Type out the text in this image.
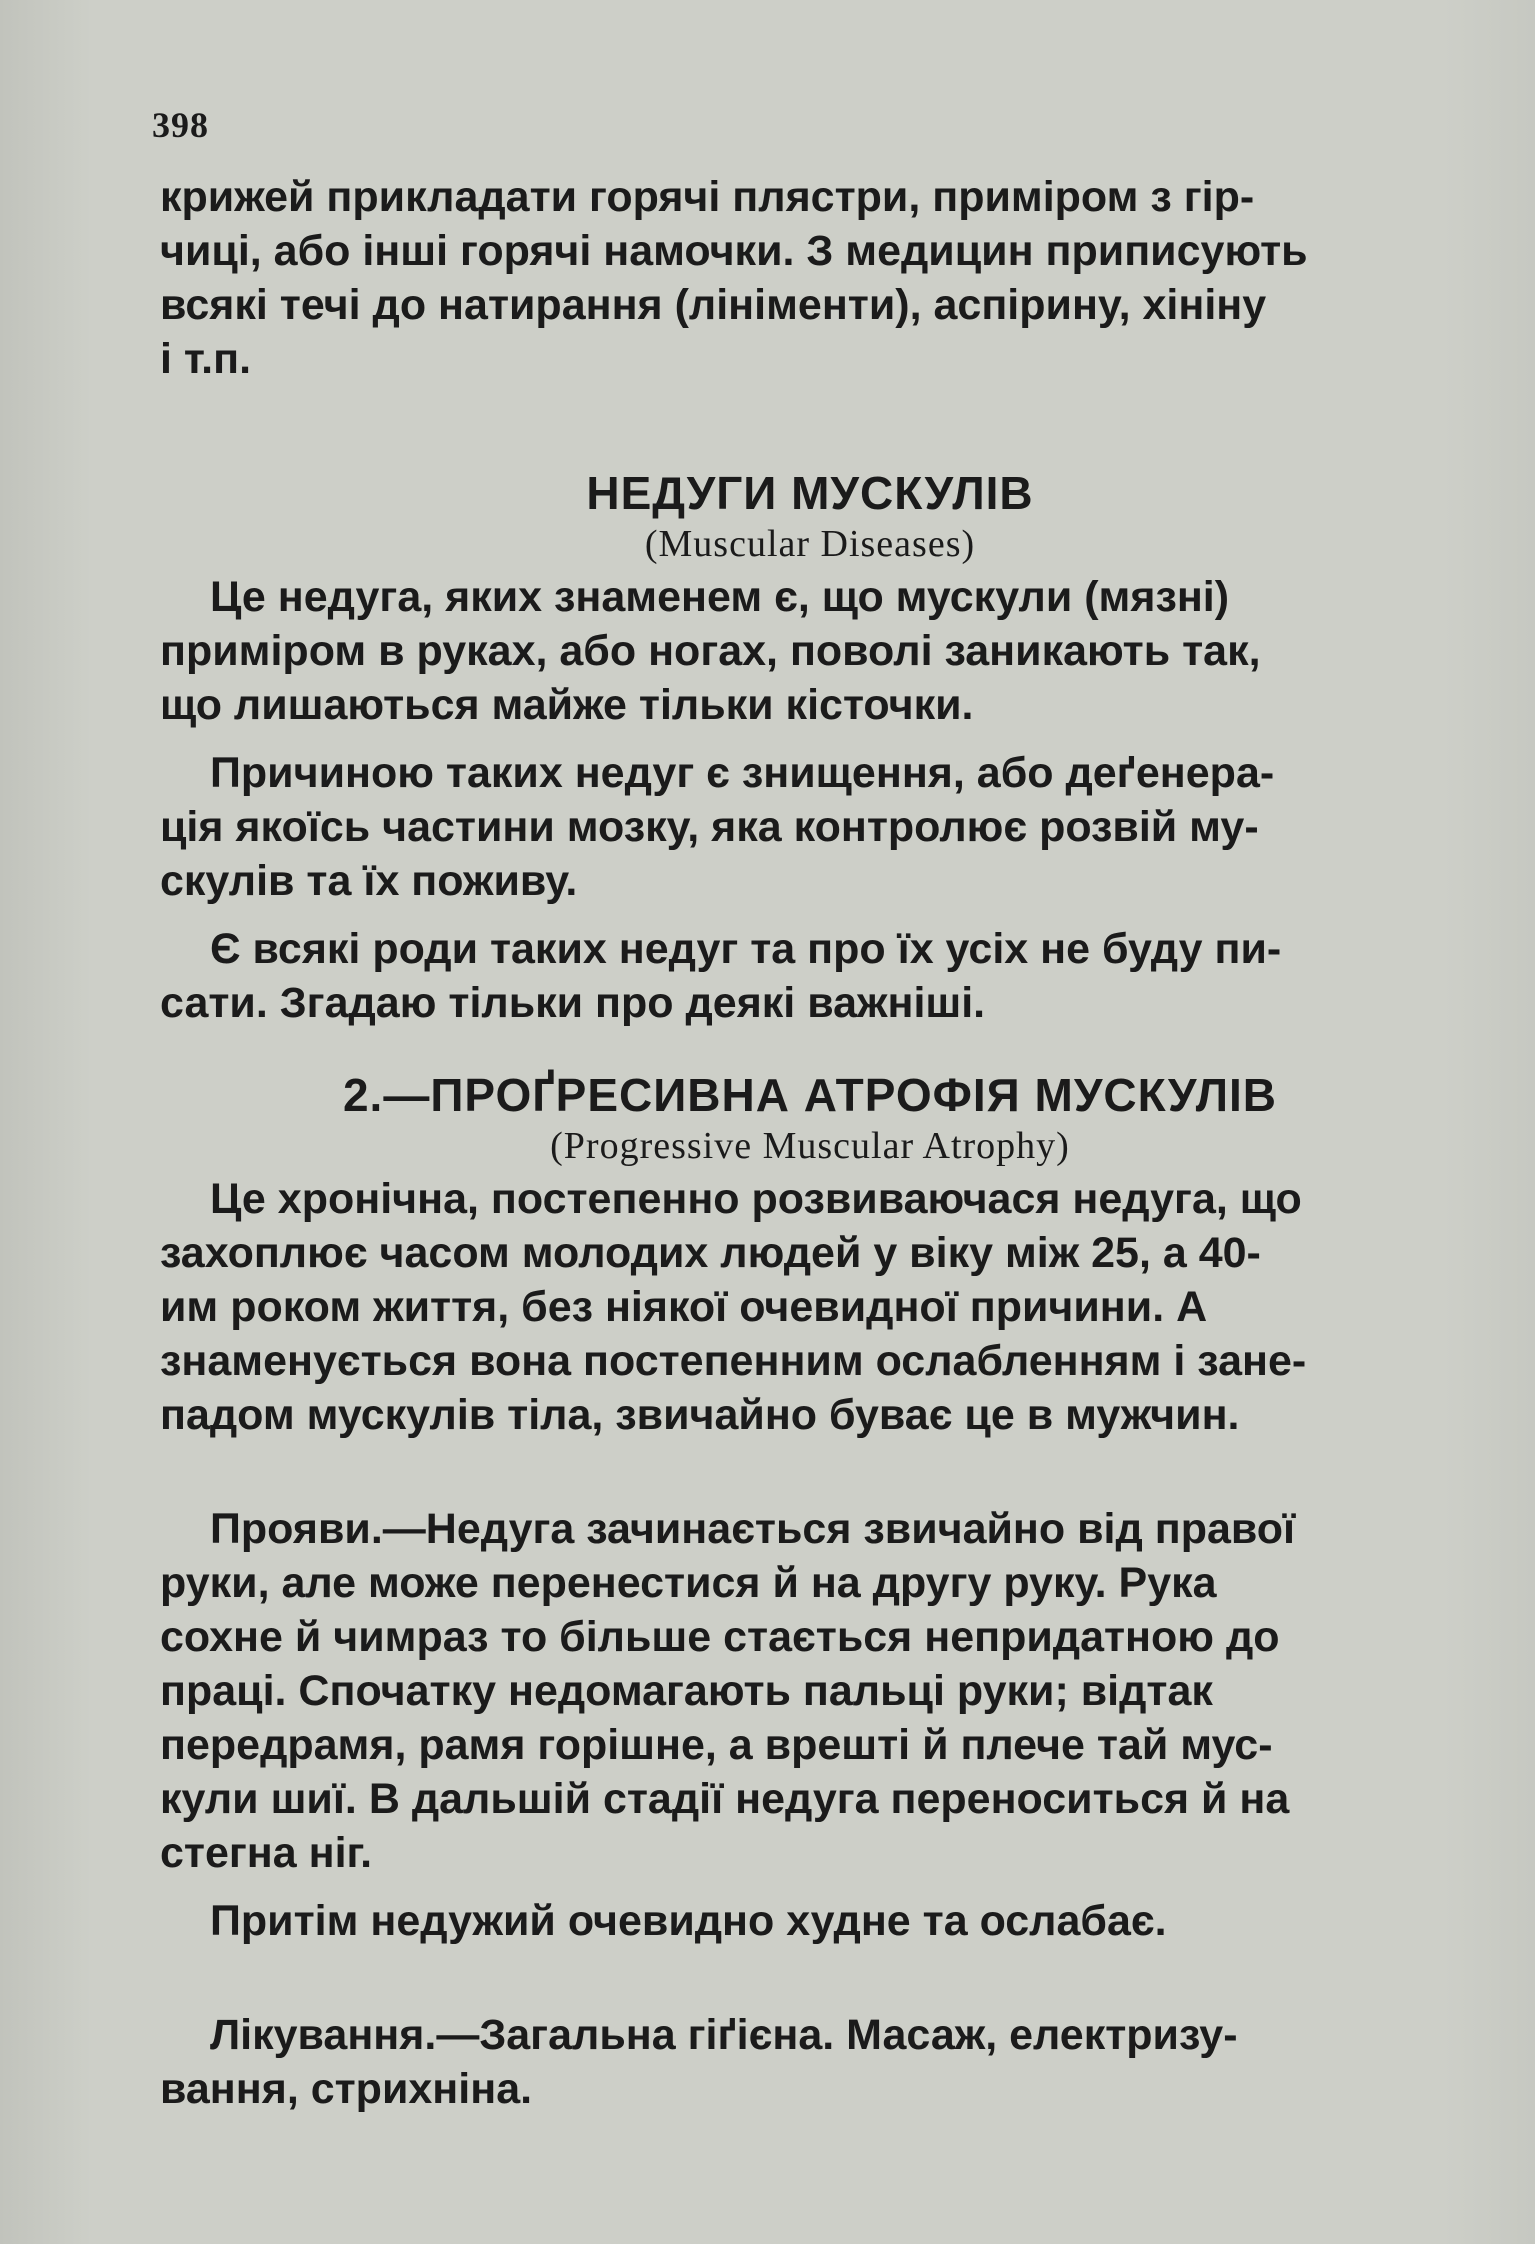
398
крижей прикладати горячі плястри, приміром з гір-
чиці, або інші горячі намочки. З медицин приписують
всякі течі до натирання (лініменти), аспірину, хініну
і т.п.
НЕДУГИ МУСКУЛІВ
(Muscular Diseases)
Це недуга, яких знаменем є, що мускули (мязні)
приміром в руках, або ногах, поволі заникають так,
що лишаються майже тільки кісточки.
Причиною таких недуг є знищення, або деґенера-
ція якоїсь частини мозку, яка контролює розвій му-
скулів та їх поживу.
Є всякі роди таких недуг та про їх усіх не буду пи-
сати. Згадаю тільки про деякі важніші.
2.—ПРОҐРЕСИВНА АТРОФІЯ МУСКУЛІВ
(Progressive Muscular Atrophy)
Це хронічна, постепенно розвиваючася недуга, що
захоплює часом молодих людей у віку між 25, а 40-
им роком життя, без ніякої очевидної причини. А
знаменується вона постепенним ослабленням і зане-
падом мускулів тіла, звичайно буває це в мужчин.
Прояви.—Недуга зачинається звичайно від правої
руки, але може перенестися й на другу руку. Рука
сохне й чимраз то більше стається непридатною до
праці. Спочатку недомагають пальці руки; відтак
передрамя, рамя горішне, а врешті й плече тай мус-
кули шиї. В дальшій стадії недуга переноситься й на
стегна ніг.
Притім недужий очевидно худне та ослабає.
Лікування.—Загальна гіґієна. Масаж, електризу-
вання, стрихніна.
